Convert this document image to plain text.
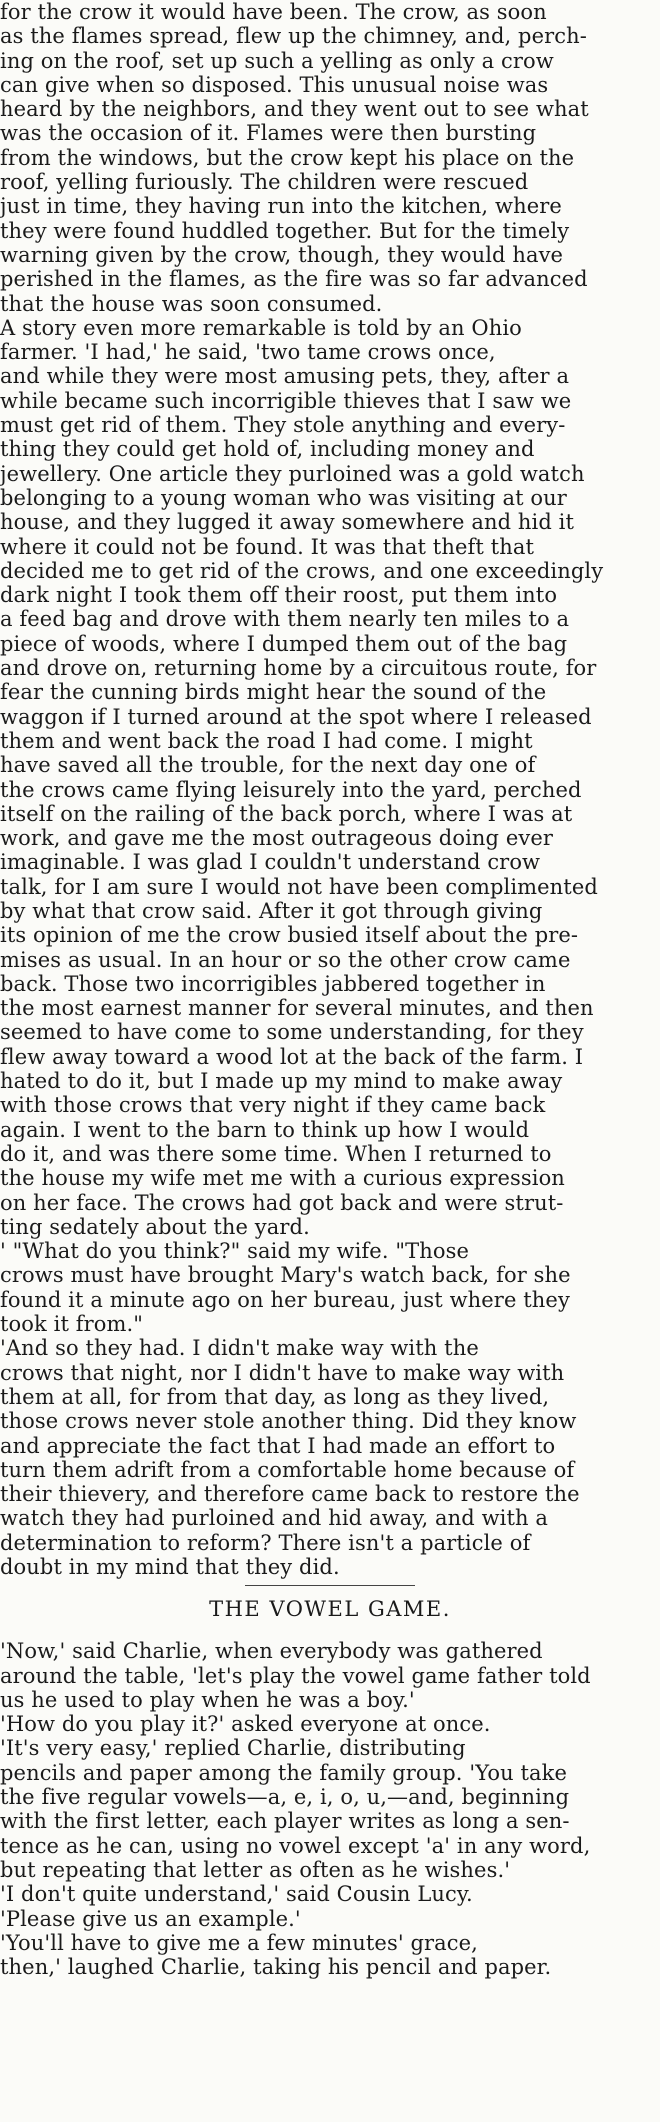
for the crow it would have been. The crow, as soon
as the flames spread, flew up the chimney, and, perch-
ing on the roof, set up such a yelling as only a crow
can give when so disposed. This unusual noise was
heard by the neighbors, and they went out to see what
was the occasion of it. Flames were then bursting
from the windows, but the crow kept his place on the
roof, yelling furiously. The children were rescued
just in time, they having run into the kitchen, where
they were found huddled together. But for the timely
warning given by the crow, though, they would have
perished in the flames, as the fire was so far advanced
that the house was soon consumed.
A story even more remarkable is told by an Ohio
farmer. 'I had,' he said, 'two tame crows once,
and while they were most amusing pets, they, after a
while became such incorrigible thieves that I saw we
must get rid of them. They stole anything and every-
thing they could get hold of, including money and
jewellery. One article they purloined was a gold watch
belonging to a young woman who was visiting at our
house, and they lugged it away somewhere and hid it
where it could not be found. It was that theft that
decided me to get rid of the crows, and one exceedingly
dark night I took them off their roost, put them into
a feed bag and drove with them nearly ten miles to a
piece of woods, where I dumped them out of the bag
and drove on, returning home by a circuitous route, for
fear the cunning birds might hear the sound of the
waggon if I turned around at the spot where I released
them and went back the road I had come. I might
have saved all the trouble, for the next day one of
the crows came flying leisurely into the yard, perched
itself on the railing of the back porch, where I was at
work, and gave me the most outrageous doing ever
imaginable. I was glad I couldn't understand crow
talk, for I am sure I would not have been complimented
by what that crow said. After it got through giving
its opinion of me the crow busied itself about the pre-
mises as usual. In an hour or so the other crow came
back. Those two incorrigibles jabbered together in
the most earnest manner for several minutes, and then
seemed to have come to some understanding, for they
flew away toward a wood lot at the back of the farm. I
hated to do it, but I made up my mind to make away
with those crows that very night if they came back
again. I went to the barn to think up how I would
do it, and was there some time. When I returned to
the house my wife met me with a curious expression
on her face. The crows had got back and were strut-
ting sedately about the yard.
' "What do you think?" said my wife. "Those
crows must have brought Mary's watch back, for she
found it a minute ago on her bureau, just where they
took it from."
'And so they had. I didn't make way with the
crows that night, nor I didn't have to make way with
them at all, for from that day, as long as they lived,
those crows never stole another thing. Did they know
and appreciate the fact that I had made an effort to
turn them adrift from a comfortable home because of
their thievery, and therefore came back to restore the
watch they had purloined and hid away, and with a
determination to reform? There isn't a particle of
doubt in my mind that they did.
THE VOWEL GAME.
'Now,' said Charlie, when everybody was gathered
around the table, 'let's play the vowel game father told
us he used to play when he was a boy.'
'How do you play it?' asked everyone at once.
'It's very easy,' replied Charlie, distributing
pencils and paper among the family group. 'You take
the five regular vowels—a, e, i, o, u,—and, beginning
with the first letter, each player writes as long a sen-
tence as he can, using no vowel except 'a' in any word,
but repeating that letter as often as he wishes.'
'I don't quite understand,' said Cousin Lucy.
'Please give us an example.'
'You'll have to give me a few minutes' grace,
then,' laughed Charlie, taking his pencil and paper.
